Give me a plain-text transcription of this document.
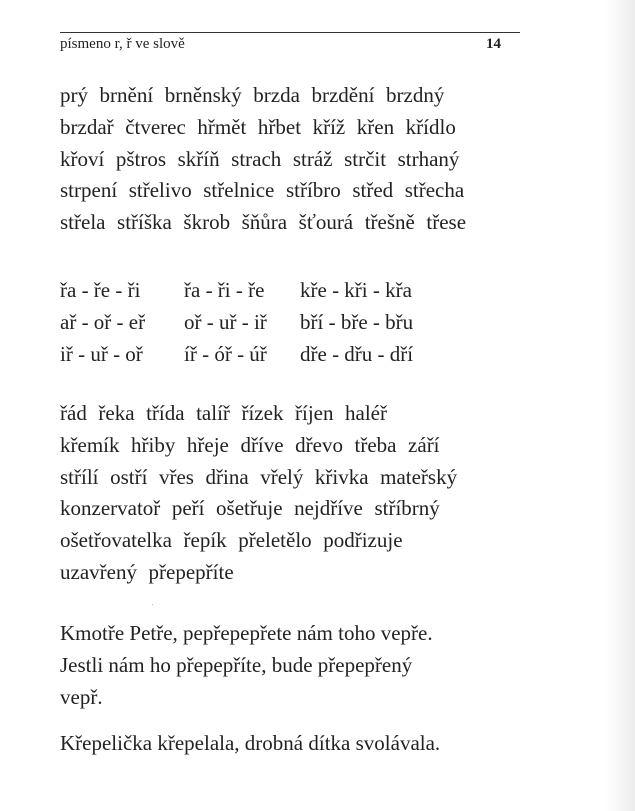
písmeno r, ř ve slově	14
prý brnění brněnský brzda brzdění brzdný
brzdař čtverec hřmět hřbet kříž křen křídlo
křoví pštros skříň strach stráž strčit strhaný
strpení střelivo střelnice stříbro střed střecha
střela stříška škrob šňůra šťourá třešně třese
řa - ře - ři řa - ři - ře kře - kři - křa
ař - oř - eř oř - uř - iř bří - bře - břu
iř - uř - oř íř - óř - úř dře - dřu - dří
řád řeka třída talíř řízek říjen haléř
křemík hřiby hřeje dříve dřevo třeba září
střílí ostří vřes dřina vřelý křivka mateřský
konzervatoř peří ošetřuje nejdříve stříbrný
ošetřovatelka řepík přeletělo podřizuje
uzavřený přepepříte
Kmotře Petře, pepřepepřete nám toho vepře.
Jestli nám ho přepepříte, bude přepepřený
vepř.
Křepelička křepelala, drobná dítka svolávala.
